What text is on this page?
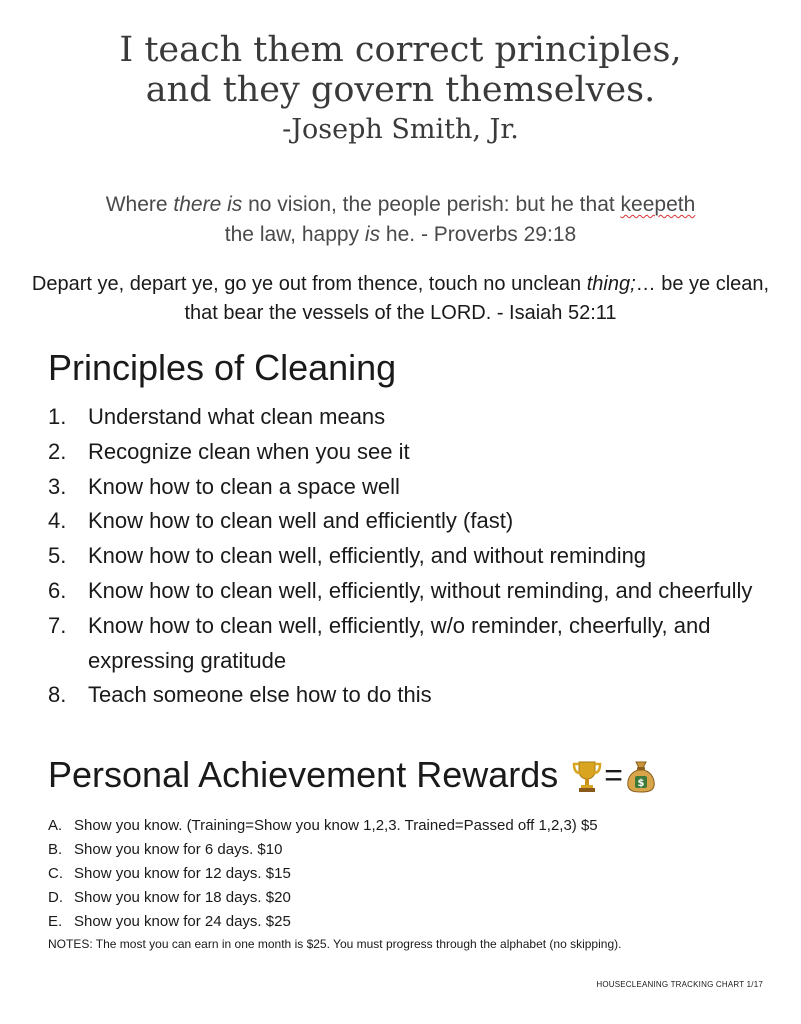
I teach them correct principles,
and they govern themselves.
-Joseph Smith, Jr.
Where there is no vision, the people perish: but he that keepeth
the law, happy is he. - Proverbs 29:18
Depart ye, depart ye, go ye out from thence, touch no unclean thing;… be ye clean, that bear the vessels of the LORD. - Isaiah 52:11
Principles of Cleaning
1. Understand what clean means
2. Recognize clean when you see it
3. Know how to clean a space well
4. Know how to clean well and efficiently (fast)
5. Know how to clean well, efficiently, and without reminding
6. Know how to clean well, efficiently, without reminding, and cheerfully
7. Know how to clean well, efficiently, w/o reminder, cheerfully, and expressing gratitude
8. Teach someone else how to do this
Personal Achievement Rewards = $
A. Show you know. (Training=Show you know 1,2,3. Trained=Passed off 1,2,3) $5
B. Show you know for 6 days. $10
C. Show you know for 12 days. $15
D. Show you know for 18 days. $20
E. Show you know for 24 days. $25
NOTES: The most you can earn in one month is $25. You must progress through the alphabet (no skipping).
HOUSECLEANING TRACKING CHART 1/17
